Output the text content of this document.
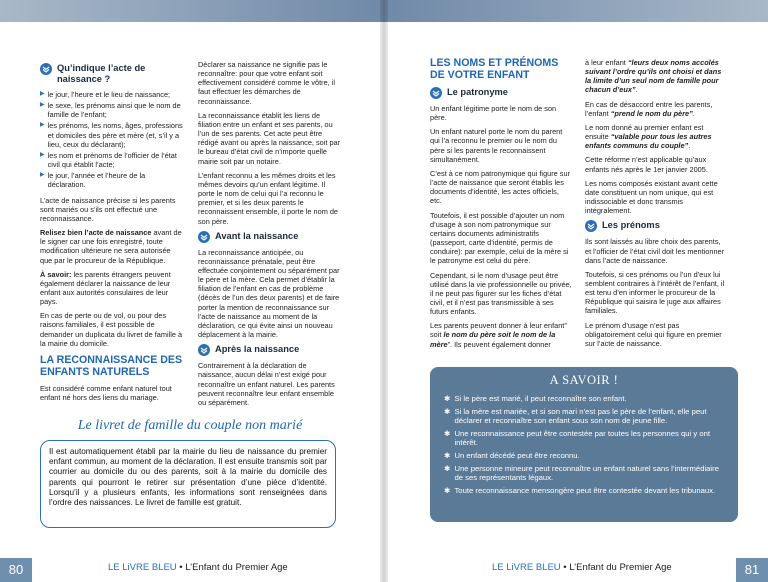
Qu’indique l’acte de naissance ?
▶ le jour, l’heure et le lieu de naissance;
▶ le sexe, les prénoms ainsi que le nom de famille de l’enfant;
▶ les prénoms, les noms, âges, professions et domiciles des père et mère (et, s’il y a lieu, ceux du déclarant);
▶ les nom et prénoms de l’officier de l’état civil qui établit l’acte;
▶ le jour, l’année et l’heure de la déclaration.

L’acte de naissance précise si les parents sont mariés ou s’ils ont effectué une reconnaissance.

Relisez bien l’acte de naissance avant de le signer car une fois enregistré, toute modification ultérieure ne sera autorisée que par le procureur de la République.

À savoir: les parents étrangers peuvent également déclarer la naissance de leur enfant aux autorités consulaires de leur pays.

En cas de perte ou de vol, ou pour des raisons familiales, il est possible de demander un duplicata du livret de famille à la mairie du domicile.

LA RECONNAISSANCE DES ENFANTS NATURELS

Est considéré comme enfant naturel tout enfant né hors des liens du mariage.

Déclarer sa naissance ne signifie pas le reconnaître: pour que votre enfant soit effectivement considéré comme le vôtre, il faut effectuer les démarches de reconnaissance.

La reconnaissance établit les liens de filiation entre un enfant et ses parents, ou l’un de ses parents. Cet acte peut être rédigé avant ou après la naissance, soit par le bureau d’état civil de n’importe quelle mairie soit par un notaire.

L’enfant reconnu a les mêmes droits et les mêmes devoirs qu’un enfant légitime. Il porte le nom de celui qui l’a reconnu le premier, et si les deux parents le reconnaissent ensemble, il porte le nom de son père.

Avant la naissance

La reconnaissance anticipée, ou reconnaissance prénatale, peut être effectuée conjointement ou séparément par le père et la mère. Cela permet d’établir la filiation de l’enfant en cas de problème (décès de l’un des deux parents) et de faire porter la mention de reconnaissance sur l’acte de naissance au moment de la déclaration, ce qui évite ainsi un nouveau déplacement à la mairie.

Après la naissance

Contrairement à la déclaration de naissance, aucun délai n’est exigé pour reconnaître un enfant naturel. Les parents peuvent reconnaître leur enfant ensemble ou séparément.

Le livret de famille du couple non marié
Il est automatiquement établi par la mairie du lieu de naissance du premier enfant commun, au moment de la déclaration. Il est ensuite transmis soit par courrier au domicile du ou des parents, soit à la mairie du domicile des parents qui pourront le retirer sur présentation d’une pièce d’identité. Lorsqu’il y a plusieurs enfants, les informations sont renseignées dans l’ordre des naissances. Le livret de famille est gratuit.
80	LE LiVRE BLEU • L’Enfant du Premier Age
LES NOMS ET PRÉNOMS DE VOTRE ENFANT
Le patronyme

Un enfant légitime porte le nom de son père.

Un enfant naturel porte le nom du parent qui l’a reconnu le premier ou le nom du père si les parents le reconnaissent simultanément.

C’est à ce nom patronymique qui figure sur l’acte de naissance que seront établis les documents d’identité, les actes officiels, etc.

Toutefois, il est possible d’ajouter un nom d’usage à son nom patronymique sur certains documents administratifs (passeport, carte d’identité, permis de conduire): par exemple, celui de la mère si le patronyme est celui du père.

Cependant, si le nom d’usage peut être utilisé dans la vie professionnelle ou privée, il ne peut pas figurer sur les fiches d’état civil, et il n’est pas transmissible à ses futurs enfants.

Les parents peuvent donner à leur enfant” soit le nom du père soit le nom de la mère”. Ils peuvent également donner

à leur enfant “leurs deux noms accolés suivant l’ordre qu’ils ont choisi et dans la limite d’un seul nom de famille pour chacun d’eux”.

En cas de désaccord entre les parents, l’enfant “prend le nom du père”.

Le nom donné au premier enfant est ensuite “valable pour tous les autres enfants communs du couple”.

Cette réforme n’est applicable qu’aux enfants nés après le 1er janvier 2005.

Les noms composés existant avant cette date constituent un nom unique, qui est indissociable et donc transmis intégralement.

Les prénoms

Ils sont laissés au libre choix des parents, et l’officier de l’état civil doit les mentionner dans l’acte de naissance.

Toutefois, si ces prénoms ou l’un d’eux lui semblent contraires à l’intérêt de l’enfant, il est tenu d’en informer le procureur de la République qui saisira le juge aux affaires familiales.

Le prénom d’usage n’est pas obligatoirement celui qui figure en premier sur l’acte de naissance.

81
LE LiVRE BLEU • L’Enfant du Premier Age
A SAVOIR !
✱ Si le père est marié, il peut reconnaître son enfant.
✱ Si la mère est mariée, et si son mari n’est pas le père de l’enfant, elle peut déclarer et reconnaître son enfant sous son nom de jeune fille.
✱ Une reconnaissance peut être contestée par toutes les personnes qui y ont intérêt.
✱ Un enfant décédé peut être reconnu.
✱ Une personne mineure peut reconnaître un enfant naturel sans l’intermédiaire de ses représentants légaux.
✱ Toute reconnaissance mensongère peut être contestée devant les tribunaux.
